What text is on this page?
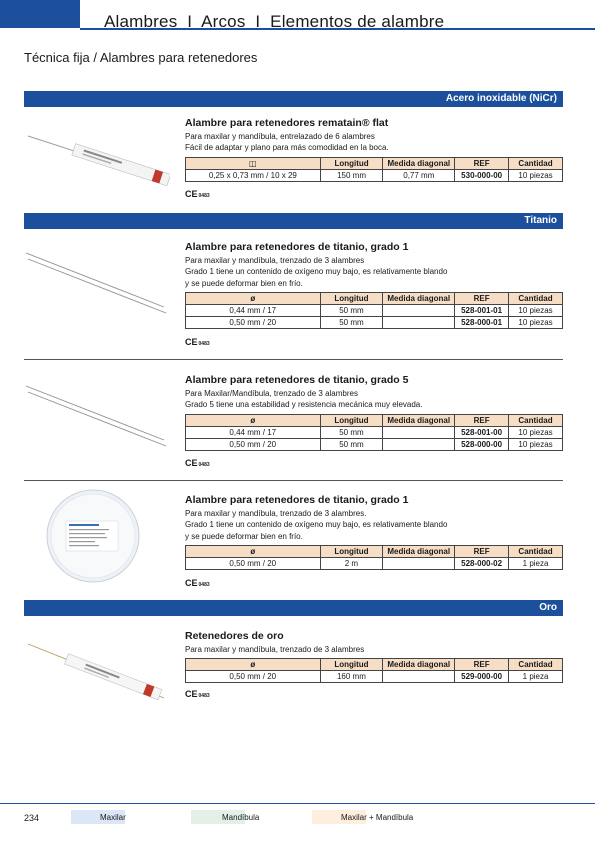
Alambres  I  Arcos  I  Elementos de alambre
Técnica fija / Alambres para retenedores
Acero inoxidable (NiCr)
Alambre para retenedores rematain® flat
Para maxilar y mandíbula, entrelazado de 6 alambres
Fácil de adaptar y plano para más comodidad en la boca.
◫	Longitud	Medida diagonal	REF	Cantidad
0,25 x 0,73 mm / 10 x 29	150 mm	0,77 mm	530-000-00	10 piezas
CE0483
Titanio
Alambre para retenedores de titanio, grado 1
Para maxilar y mandíbula, trenzado de 3 alambres
Grado 1 tiene un contenido de oxígeno muy bajo, es relativamente blando
y se puede deformar bien en frío.
ø	Longitud	Medida diagonal	REF	Cantidad
0,44 mm / 17	50 mm		528-001-01	10 piezas
0,50 mm / 20	50 mm		528-000-01	10 piezas
CE0483
Alambre para retenedores de titanio, grado 5
Para Maxilar/Mandíbula, trenzado de 3 alambres
Grado 5 tiene una estabilidad y resistencia mecánica muy elevada.
ø	Longitud	Medida diagonal	REF	Cantidad
0,44 mm / 17	50 mm		528-001-00	10 piezas
0,50 mm / 20	50 mm		528-000-00	10 piezas
CE0483
Alambre para retenedores de titanio, grado 1
Para maxilar y mandíbula, trenzado de 3 alambres.
Grado 1 tiene un contenido de oxígeno muy bajo, es relativamente blando
y se puede deformar bien en frío.
ø	Longitud	Medida diagonal	REF	Cantidad
0,50 mm / 20	2 m		528-000-02	1 pieza
CE0483
Oro
Retenedores de oro
Para maxilar y mandíbula, trenzado de 3 alambres
ø	Longitud	Medida diagonal	REF	Cantidad
0,50 mm / 20	160 mm		529-000-00	1 pieza
CE0483
234	Maxilar	Mandíbula	Maxilar + Mandíbula
